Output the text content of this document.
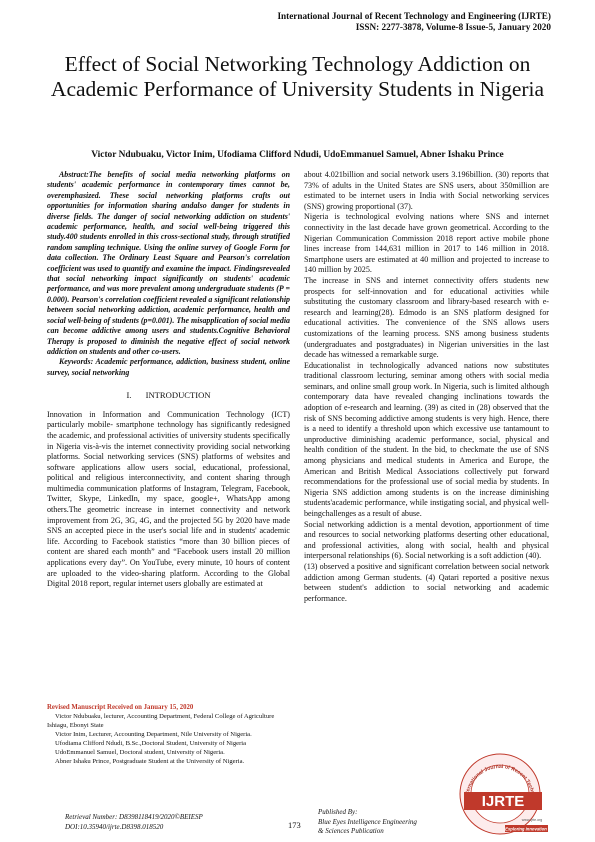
International Journal of Recent Technology and Engineering (IJRTE)
ISSN: 2277-3878, Volume-8 Issue-5, January 2020
Effect of Social Networking Technology Addiction on Academic Performance of University Students in Nigeria
Victor Ndubuaku, Victor Inim, Ufodiama Clifford Ndudi, UdoEmmanuel Samuel, Abner Ishaku Prince

Abstract:The benefits of social media networking platforms on students' academic performance in contemporary times cannot be, overemphasized. These social networking platforms crafts out opportunities for information sharing andalso danger for students in diverse fields. The danger of social networking addiction on students' academic performance, health, and social well-being triggered this study.400 students enrolled in this cross-sectional study, through stratified random sampling technique. Using the online survey of Google Form for data collection. The Ordinary Least Square and Pearson's correlation coefficient was used to quantify and examine the impact. Findingsrevealed that social networking impact significantly on students' academic performance, and was more prevalent among undergraduate students (P = 0.000). Pearson's correlation coefficient revealed a significant relationship between social networking addiction, academic performance, health and social well-being of students (p=0.001). The misapplication of social media can become addictive among users and students.Cognitive Behavioral Therapy is proposed to diminish the negative effect of social network addiction on students and other co-users.

Keywords: Academic performance, addiction, business student, online survey, social networking

I. INTRODUCTION

Innovation in Information and Communication Technology (ICT) particularly mobile- smartphone technology has significantly redesigned the academic, and professional activities of university students specifically in Nigeria vis-à-vis the internet connectivity providing social networking platforms. Social networking services (SNS) platforms of websites and software applications allow users social, educational, professional, political and religious interconnectivity, and content sharing through multimedia communication platforms of Instagram, Telegram, Facebook, Twitter, Skype, LinkedIn, my space, google+, WhatsApp among others.The geometric increase in internet connectivity and network improvement from 2G, 3G, 4G, and the projected 5G by 2020 have made SNS an accepted piece in the user's social life and in students' academic life. According to Facebook statistics “more than 30 billion pieces of content are shared each month” and “Facebook users install 20 million applications every day”. On YouTube, every minute, 10 hours of content are uploaded to the video-sharing platform. According to the Global Digital 2018 report, regular internet users globally are estimated at

about 4.021billion and social network users 3.196billion. (30) reports that 73% of adults in the United States are SNS users, about 350million are estimated to be internet users in India with Social networking services (SNS) growing proportional (37).

Nigeria is technological evolving nations where SNS and internet connectivity in the last decade have grown geometrical. According to the Nigerian Communication Commission 2018 report active mobile phone lines increase from 144,631 million in 2017 to 146 million in 2018. Smartphone users are estimated at 40 million and projected to increase to 140 million by 2025.

The increase in SNS and internet connectivity offers students new prospects for self-innovation and for educational activities while substituting the customary classroom and library-based research with e-research and learning(28). Edmodo is an SNS platform designed for educational activities. The convenience of the SNS allows users customizations of the learning process. SNS among business students (undergraduates and postgraduates) in Nigerian universities in the last decade has witnessed a remarkable surge.

Educationalist in technologically advanced nations now substitutes traditional classroom lecturing, seminar among others with social media seminars, and online small group work. In Nigeria, such is limited although contemporary data have revealed changing inclinations towards the adoption of e-research and learning. (39) as cited in (28) observed that the risk of SNS becoming addictive among students is very high. Hence, there is a need to identify a threshold upon which excessive use tantamount to unproductive diminishing academic performance, social, physical and health condition of the student. In the bid, to checkmate the use of SNS among physicians and medical students in America and Europe, the American and British Medical Associations collectively put forward recommendations for the professional use of social media by students. In Nigeria SNS addiction among students is on the increase diminishing students'academic performance, while instigating social, and physical well-beingchallenges as a result of abuse.

Social networking addiction is a mental devotion, apportionment of time and resources to social networking platforms deserting other educational, and professional activities, along with social, health and physical interpersonal relationships (6). Social networking is a soft addiction (40).

(13) observed a positive and significant correlation between social network addiction among German students. (4) Qatari reported a positive nexus between student's addiction to social networking and academic performance.

Revised Manuscript Received on January 15, 2020

Victor Ndubuaku, lecturer, Accounting Department, Federal College of Agriculture Ishiagu, Ebonyi State

Victor Inim, Lecturer, Accounting Department, Nile University of Nigeria.

Ufodiama Clifford Ndudi, B.Sc.,Doctoral Student, University of Nigeria

UdoEmmanuel Samuel, Doctoral student, University of Nigeria.

Abner Ishaku Prince, Postgraduate Student at the University of Nigeria.

Retrieval Number: D8398118419/2020©BEIESP
DOI:10.35940/ijrte.D8398.018520	173
Published By:
Blue Eyes Intelligence Engineering
& Sciences Publication
ernational Journal of Recent Tech
IJRTE
www.ijrte.org
Exploring Innovation
